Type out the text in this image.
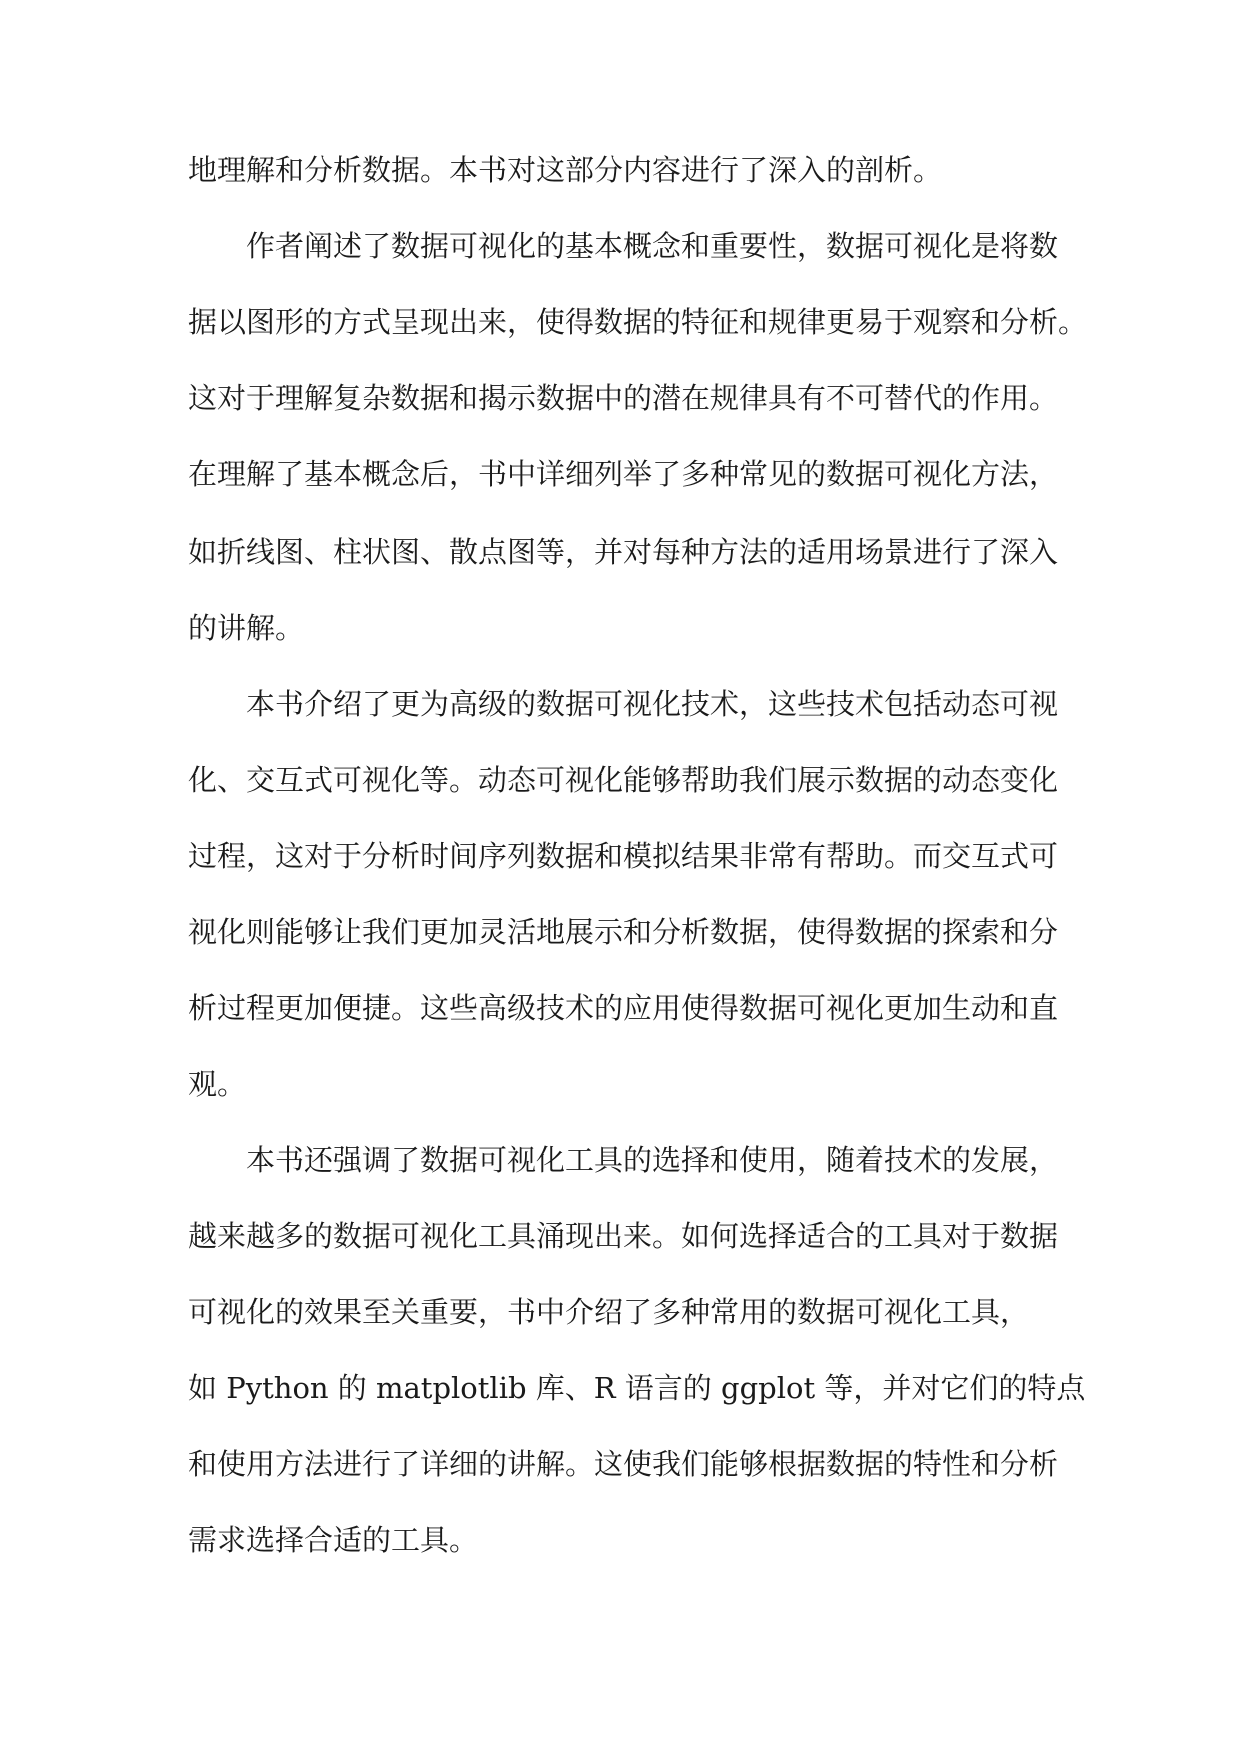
地理解和分析数据。本书对这部分内容进行了深入的剖析。
作者阐述了数据可视化的基本概念和重要性，数据可视化是将数
据以图形的方式呈现出来，使得数据的特征和规律更易于观察和分析。
这对于理解复杂数据和揭示数据中的潜在规律具有不可替代的作用。
在理解了基本概念后，书中详细列举了多种常见的数据可视化方法，
如折线图、柱状图、散点图等，并对每种方法的适用场景进行了深入
的讲解。
本书介绍了更为高级的数据可视化技术，这些技术包括动态可视
化、交互式可视化等。动态可视化能够帮助我们展示数据的动态变化
过程，这对于分析时间序列数据和模拟结果非常有帮助。而交互式可
视化则能够让我们更加灵活地展示和分析数据，使得数据的探索和分
析过程更加便捷。这些高级技术的应用使得数据可视化更加生动和直
观。
本书还强调了数据可视化工具的选择和使用，随着技术的发展，
越来越多的数据可视化工具涌现出来。如何选择适合的工具对于数据
可视化的效果至关重要，书中介绍了多种常用的数据可视化工具，
如 Python 的 matplotlib 库、R 语言的 ggplot 等，并对它们的特点
和使用方法进行了详细的讲解。这使我们能够根据数据的特性和分析
需求选择合适的工具。
